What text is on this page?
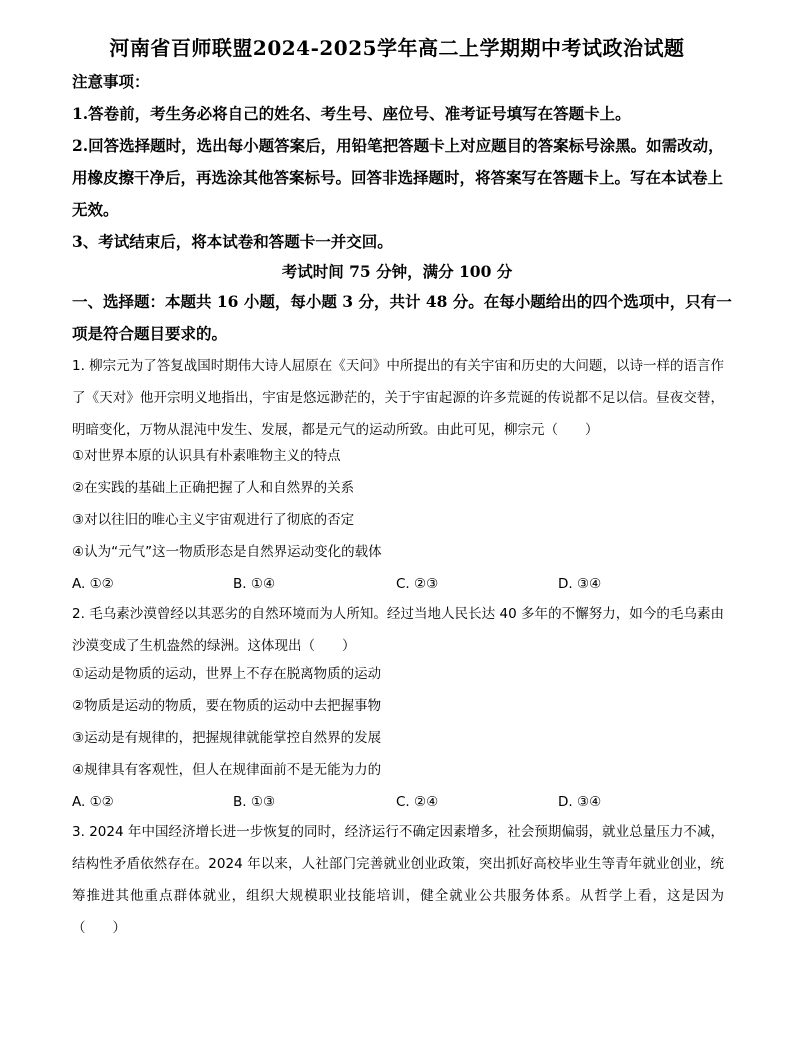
河南省百师联盟2024-2025学年高二上学期期中考试政治试题
注意事项：
1.答卷前，考生务必将自己的姓名、考生号、座位号、准考证号填写在答题卡上。
2.回答选择题时，选出每小题答案后，用铅笔把答题卡上对应题目的答案标号涂黑。如需改动，用橡皮擦干净后，再选涂其他答案标号。回答非选择题时，将答案写在答题卡上。写在本试卷上无效。
3、考试结束后，将本试卷和答题卡一并交回。
考试时间 75 分钟，满分 100 分
一、选择题：本题共 16 小题，每小题 3 分，共计 48 分。在每小题给出的四个选项中，只有一项是符合题目要求的。
1. 柳宗元为了答复战国时期伟大诗人屈原在《天问》中所提出的有关宇宙和历史的大问题，以诗一样的语言作了《天对》他开宗明义地指出，宇宙是悠远渺茫的，关于宇宙起源的许多荒诞的传说都不足以信。昼夜交替，明暗变化，万物从混沌中发生、发展，都是元气的运动所致。由此可见，柳宗元（　　）
①对世界本原的认识具有朴素唯物主义的特点
②在实践的基础上正确把握了人和自然界的关系
③对以往旧的唯心主义宇宙观进行了彻底的否定
④认为“元气”这一物质形态是自然界运动变化的载体
A. ①②	B. ①④	C. ②③	D. ③④
2. 毛乌素沙漠曾经以其恶劣的自然环境而为人所知。经过当地人民长达 40 多年的不懈努力，如今的毛乌素由沙漠变成了生机盎然的绿洲。这体现出（　　）
①运动是物质的运动，世界上不存在脱离物质的运动
②物质是运动的物质，要在物质的运动中去把握事物
③运动是有规律的，把握规律就能掌控自然界的发展
④规律具有客观性，但人在规律面前不是无能为力的
A. ①②	B. ①③	C. ②④	D. ③④
3. 2024 年中国经济增长进一步恢复的同时，经济运行不确定因素增多，社会预期偏弱，就业总量压力不减，结构性矛盾依然存在。2024 年以来，人社部门完善就业创业政策，突出抓好高校毕业生等青年就业创业，统筹推进其他重点群体就业，组织大规模职业技能培训，健全就业公共服务体系。从哲学上看，这是因为（　　）
